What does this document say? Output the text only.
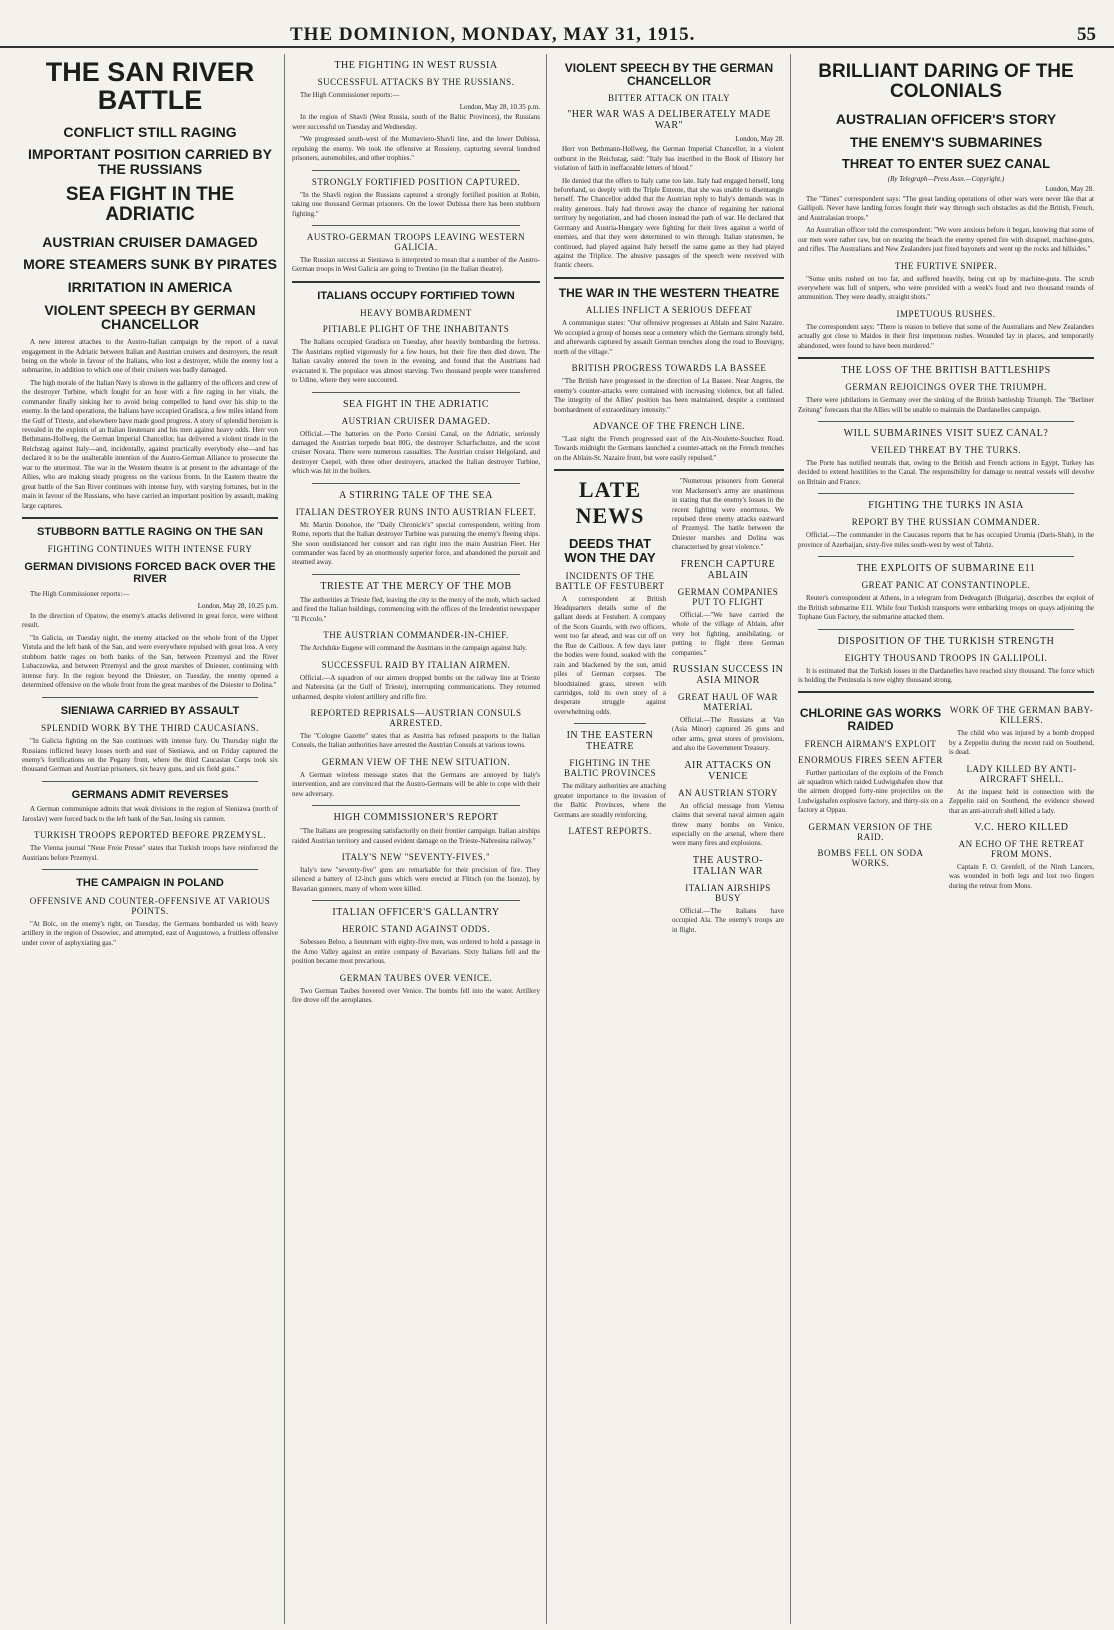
THE DOMINION, MONDAY, MAY 31, 1915.	55
THE SAN RIVER BATTLE
CONFLICT STILL RAGING
IMPORTANT POSITION CARRIED BY THE RUSSIANS
SEA FIGHT IN THE ADRIATIC
AUSTRIAN CRUISER DAMAGED
MORE STEAMERS SUNK BY PIRATES
IRRITATION IN AMERICA
VIOLENT SPEECH BY GERMAN CHANCELLOR

A new interest attaches to the Austro-Italian campaign by the report of a naval engagement in the Adriatic between Italian and Austrian cruisers and destroyers, the result being on the whole in favour of the Italians, who lost a destroyer, while the enemy lost a submarine, in addition to which one of their cruisers was badly damaged.

The high morale of the Italian Navy is shown in the gallantry of the officers and crew of the destroyer Turbine, which fought for an hour with a fire raging in her vitals, the commander finally sinking her to avoid being compelled to hand over his ship to the enemy. In the land operations, the Italians have occupied Gradisca, a few miles inland from the Gulf of Trieste, and elsewhere have made good progress. A story of splendid heroism is revealed in the exploits of an Italian lieutenant and his men against heavy odds. Herr von Bethmann-Hollweg, the German Imperial Chancellor, has delivered a violent tirade in the Reichstag against Italy—and, incidentally, against practically everybody else—and has declared it to be the unalterable intention of the Austro-German Alliance to prosecute the war to the uttermost. The war in the Western theatre is at present to the advantage of the Allies, who are making steady progress on the various fronts. In the Eastern theatre the great battle of the San River continues with intense fury, with varying fortunes, but in the main in favour of the Russians, who have carried an important position by assault, making large captures.

STUBBORN BATTLE RAGING ON THE SAN
FIGHTING CONTINUES WITH INTENSE FURY
GERMAN DIVISIONS FORCED BACK OVER THE RIVER

The High Commissioner reports:—

London, May 28, 10.25 p.m.

In the direction of Opatow, the enemy's attacks delivered in great force, were without result.

"In Galicia, on Tuesday night, the enemy attacked on the whole front of the Upper Vistula and the left bank of the San, and were everywhere repulsed with great loss. A very stubborn battle rages on both banks of the San, between Przemysl and the River Lubaczowka, and between Przemysl and the great marshes of Dniester, continuing with intense fury. In the region beyond the Dniester, on Tuesday, the enemy opened a determined offensive on the whole front from the great marshes of the Dniester to Dolina."

SIENIAWA CARRIED BY ASSAULT
SPLENDID WORK BY THE THIRD CAUCASIANS.

"In Galicia fighting on the San continues with intense fury. On Thursday night the Russians inflicted heavy losses north and east of Sieniawa, and on Friday captured the enemy's fortifications on the Pegany front, where the third Caucasian Corps took six thousand German and Austrian prisoners, six heavy guns, and six field guns."

GERMANS ADMIT REVERSES

A German communique admits that weak divisions in the region of Sieniawa (north of Jaroslav) were forced back to the left bank of the San, losing six cannon.

TURKISH TROOPS REPORTED BEFORE PRZEMYSL.

The Vienna journal "Neue Freie Presse" states that Turkish troops have reinforced the Austrians before Przemysl.

THE CAMPAIGN IN POLAND
OFFENSIVE AND COUNTER-OFFENSIVE AT VARIOUS POINTS.

"At Bolc, on the enemy's right, on Tuesday, the Germans bombarded us with heavy artillery in the region of Ossowiec, and attempted, east of Augustowo, a fruitless offensive under cover of asphyxiating gas."

THE FIGHTING IN WEST RUSSIA
SUCCESSFUL ATTACKS BY THE RUSSIANS.

The High Commissioner reports:—

London, May 28, 10.35 p.m.

In the region of Shavli (West Russia, south of the Baltic Provinces), the Russians were successful on Tuesday and Wednesday.

"We progressed south-west of the Mumaviero-Shavli line, and the lower Dubissa, repulsing the enemy. We took the offensive at Rossieny, capturing several hundred prisoners, automobiles, and other trophies."

STRONGLY FORTIFIED POSITION CAPTURED.

"In the Shavli region the Russians captured a strongly fortified position at Robin, taking one thousand German prisoners. On the lower Dubissa there has been stubborn fighting."

AUSTRO-GERMAN TROOPS LEAVING WESTERN GALICIA.

The Russian success at Sieniawa is interpreted to mean that a number of the Austro-German troops in West Galicia are going to Trentino (in the Italian theatre).

ITALIANS OCCUPY FORTIFIED TOWN
HEAVY BOMBARDMENT
PITIABLE PLIGHT OF THE INHABITANTS

The Italians occupied Gradisca on Tuesday, after heavily bombarding the fortress. The Austrians replied vigorously for a few hours, but their fire then died down. The Italian cavalry entered the town in the evening, and found that the Austrians had evacuated it. The populace was almost starving. Two thousand people were transferred to Udine, where they were succoured.

SEA FIGHT IN THE ADRIATIC
AUSTRIAN CRUISER DAMAGED.

Official.—The batteries on the Porto Corsini Canal, on the Adriatic, seriously damaged the Austrian torpedo boat 80G, the destroyer Scharfschutze, and the scout cruiser Novara. There were numerous casualties. The Austrian cruiser Helgoland, and destroyer Csepel, with three other destroyers, attacked the Italian destroyer Turbine, which was hit in the boilers.

A STIRRING TALE OF THE SEA
ITALIAN DESTROYER RUNS INTO AUSTRIAN FLEET.

Mr. Martin Donohoe, the "Daily Chronicle's" special correspondent, writing from Rome, reports that the Italian destroyer Turbine was pursuing the enemy's fleeing ships. She soon outdistanced her consort and ran right into the main Austrian Fleet. Her commander was faced by an enormously superior force, and abandoned the pursuit and steamed away.

TRIESTE AT THE MERCY OF THE MOB

The authorities at Trieste fled, leaving the city to the mercy of the mob, which sacked and fired the Italian buildings, commencing with the offices of the Irredentist newspaper "Il Piccolo."

THE AUSTRIAN COMMANDER-IN-CHIEF.

The Archduke Eugene will command the Austrians in the campaign against Italy.

SUCCESSFUL RAID BY ITALIAN AIRMEN.

Official.—A squadron of our airmen dropped bombs on the railway line at Trieste and Nabresina (at the Gulf of Trieste), interrupting communications. They returned unharmed, despite violent artillery and rifle fire.

REPORTED REPRISALS—AUSTRIAN CONSULS ARRESTED.

The "Cologne Gazette" states that as Austria has refused passports to the Italian Consuls, the Italian authorities have arrested the Austrian Consuls at various towns.

GERMAN VIEW OF THE NEW SITUATION.

A German wireless message states that the Germans are annoyed by Italy's intervention, and are convinced that the Austro-Germans will be able to cope with their new adversary.

HIGH COMMISSIONER'S REPORT

"The Italians are progressing satisfactorily on their frontier campaign. Italian airships raided Austrian territory and caused evident damage on the Trieste-Nabresina railway."

ITALY'S NEW "SEVENTY-FIVES."

Italy's new "seventy-five" guns are remarkable for their precision of fire. They silenced a battery of 12-inch guns which were erected at Flitsch (on the Isonzo), by Bavarian gunners, many of whom were killed.

ITALIAN OFFICER'S GALLANTRY
HEROIC STAND AGAINST ODDS.

Sobesseo Beloo, a lieutenant with eighty-five men, was ordered to hold a passage in the Arno Valley against an entire company of Bavarians. Sixty Italians fell and the position became most precarious.

GERMAN TAUBES OVER VENICE.

Two German Taubes hovered over Venice. The bombs fell into the water. Artillery fire drove off the aeroplanes.

VIOLENT SPEECH BY THE GERMAN CHANCELLOR
BITTER ATTACK ON ITALY
"HER WAR WAS A DELIBERATELY MADE WAR"
London, May 28.

Herr von Bethmann-Hollweg, the German Imperial Chancellor, in a violent outburst in the Reichstag, said: "Italy has inscribed in the Book of History her violation of faith in ineffaceable letters of blood."

He denied that the offers to Italy came too late. Italy had engaged herself, long beforehand, so deeply with the Triple Entente, that she was unable to disentangle herself. The Chancellor added that the Austrian reply to Italy's demands was in reality generous. Italy had thrown away the chance of regaining her national territory by negotiation, and had chosen instead the path of war. He declared that Germany and Austria-Hungary were fighting for their lives against a world of enemies, and that they were determined to win through. Italian statesmen, he continued, had played against Italy herself the same game as they had played against the Triplice. The abusive passages of the speech were received with frantic cheers.

THE WAR IN THE WESTERN THEATRE
ALLIES INFLICT A SERIOUS DEFEAT

A communique states: "Our offensive progresses at Ablain and Saint Nazaire. We occupied a group of houses near a cemetery which the Germans strongly held, and afterwards captured by assault German trenches along the road to Bouvigny, north of the village."

BRITISH PROGRESS TOWARDS LA BASSEE

"The British have progressed in the direction of La Bassee. Near Angres, the enemy's counter-attacks were contained with increasing violence, but all failed. The integrity of the Allies' position has been maintained, despite a continued bombardment of extraordinary intensity."

ADVANCE OF THE FRENCH LINE.

"Last night the French progressed east of the Aix-Noulette-Souchez Road. Towards midnight the Germans launched a counter-attack on the French trenches on the Ablain-St. Nazaire front, but were easily repulsed."

LATE NEWS
DEEDS THAT WON THE DAY
INCIDENTS OF THE BATTLE OF FESTUBERT

A correspondent at British Headquarters details some of the gallant deeds at Festubert. A company of the Scots Guards, with two officers, went too far ahead, and was cut off on the Rue de Cailloux. A few days later the bodies were found, soaked with the rain and blackened by the sun, amid piles of German corpses. The bloodstained grass, strewn with cartridges, told its own story of a desperate struggle against overwhelming odds.

IN THE EASTERN THEATRE
FIGHTING IN THE BALTIC PROVINCES

The military authorities are attaching greater importance to the invasion of the Baltic Provinces, where the Germans are steadily reinforcing.

LATEST REPORTS.

"Numerous prisoners from General von Mackensen's army are unanimous in stating that the enemy's losses in the recent fighting were enormous. We repulsed three enemy attacks eastward of Przemysl. The battle between the Dniester marshes and Dolina was characterised by great violence."

FRENCH CAPTURE ABLAIN
GERMAN COMPANIES PUT TO FLIGHT

Official.—"We have carried the whole of the village of Ablain, after very hot fighting, annihilating, or putting to flight three German companies."

RUSSIAN SUCCESS IN ASIA MINOR
GREAT HAUL OF WAR MATERIAL

Official.—The Russians at Van (Asia Minor) captured 26 guns and other arms, great stores of provisions, and also the Government Treasury.

AIR ATTACKS ON VENICE
AN AUSTRIAN STORY

An official message from Vienna claims that several naval airmen again threw many bombs on Venice, especially on the arsenal, where there were many fires and explosions.

THE AUSTRO-ITALIAN WAR
ITALIAN AIRSHIPS BUSY

Official.—The Italians have occupied Ala. The enemy's troops are in flight.

BRILLIANT DARING OF THE COLONIALS
AUSTRALIAN OFFICER'S STORY
THE ENEMY'S SUBMARINES
THREAT TO ENTER SUEZ CANAL
(By Telegraph—Press Assn.—Copyright.)
London, May 28.

The "Times" correspondent says: "The great landing operations of other wars were never like that at Gallipoli. Never have landing forces fought their way through such obstacles as did the British, French, and Australasian troops."

An Australian officer told the correspondent: "We were anxious before it began, knowing that some of our men were rather raw, but on nearing the beach the enemy opened fire with shrapnel, machine-guns, and rifles. The Australians and New Zealanders just fixed bayonets and went up the rocks and hillsides."

THE FURTIVE SNIPER.

"Some units rushed on too far, and suffered heavily, being cut up by machine-guns. The scrub everywhere was full of snipers, who were provided with a week's food and two thousand rounds of ammunition. They were deadly, straight shots."

IMPETUOUS RUSHES.

The correspondent says: "There is reason to believe that some of the Australians and New Zealanders actually got close to Maidos in their first impetuous rushes. Wounded lay in places, and temporarily abandoned, were found to have been murdered."

THE LOSS OF THE BRITISH BATTLESHIPS
GERMAN REJOICINGS OVER THE TRIUMPH.

There were jubilations in Germany over the sinking of the British battleship Triumph. The "Berliner Zeitung" forecasts that the Allies will be unable to maintain the Dardanelles campaign.

WILL SUBMARINES VISIT SUEZ CANAL?
VEILED THREAT BY THE TURKS.

The Porte has notified neutrals that, owing to the British and French actions in Egypt, Turkey has decided to extend hostilities to the Canal. The responsibility for damage to neutral vessels will devolve on Britain and France.

FIGHTING THE TURKS IN ASIA
REPORT BY THE RUSSIAN COMMANDER.

Official.—The commander in the Caucasus reports that he has occupied Urumia (Daris-Shah), in the province of Azerbaijan, sixty-five miles south-west by west of Tabriz.

THE EXPLOITS OF SUBMARINE E11
GREAT PANIC AT CONSTANTINOPLE.

Reuter's correspondent at Athens, in a telegram from Dedeagatch (Bulgaria), describes the exploit of the British submarine E11. While four Turkish transports were embarking troops on quays adjoining the Tophane Gun Factory, the submarine attacked them.

DISPOSITION OF THE TURKISH STRENGTH
EIGHTY THOUSAND TROOPS IN GALLIPOLI.

It is estimated that the Turkish losses in the Dardanelles have reached sixty thousand. The force which is holding the Peninsula is now eighty thousand strong.

CHLORINE GAS WORKS RAIDED
FRENCH AIRMAN'S EXPLOIT
ENORMOUS FIRES SEEN AFTER

Further particulars of the exploits of the French air squadron which raided Ludwigshafen show that the airmen dropped forty-nine projectiles on the Ludwigshafen explosive factory, and thirty-six on a factory at Oppau.

GERMAN VERSION OF THE RAID.
BOMBS FELL ON SODA WORKS.
WORK OF THE GERMAN BABY-KILLERS.

The child who was injured by a bomb dropped by a Zeppelin during the recent raid on Southend, is dead.

LADY KILLED BY ANTI-AIRCRAFT SHELL.

At the inquest held in connection with the Zeppelin raid on Southend, the evidence showed that an anti-aircraft shell killed a lady.

V.C. HERO KILLED
AN ECHO OF THE RETREAT FROM MONS.

Captain F. O. Grenfell, of the Ninth Lancers, was wounded in both legs and lost two fingers during the retreat from Mons.
